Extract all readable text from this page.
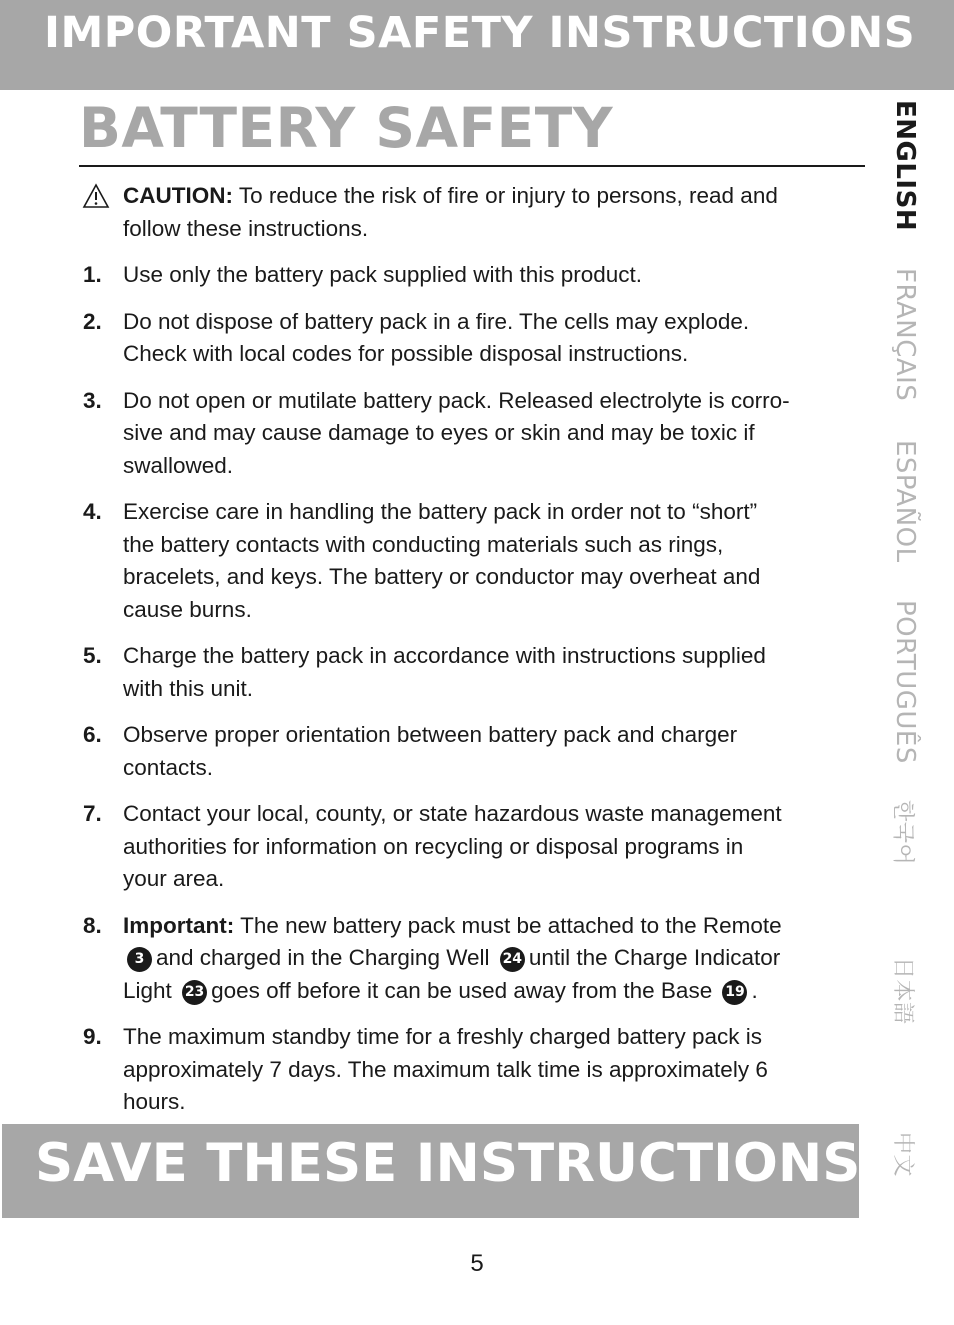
IMPORTANT SAFETY INSTRUCTIONS
BATTERY SAFETY

CAUTION: To reduce the risk of fire or injury to persons, read and follow these instructions.

1. Use only the battery pack supplied with this product.
2. Do not dispose of battery pack in a fire. The cells may explode. Check with local codes for possible disposal instructions.
3. Do not open or mutilate battery pack. Released electrolyte is corro-sive and may cause damage to eyes or skin and may be toxic if swallowed.
4. Exercise care in handling the battery pack in order not to “short” the battery contacts with conducting materials such as rings, bracelets, and keys. The battery or conductor may overheat and cause burns.
5. Charge the battery pack in accordance with instructions supplied with this unit.
6. Observe proper orientation between battery pack and charger contacts.
7. Contact your local, county, or state hazardous waste management authorities for information on recycling or disposal programs in your area.
8. Important: The new battery pack must be attached to the Remote 3 and charged in the Charging Well 24 until the Charge Indicator Light 23 goes off before it can be used away from the Base 19 .
9. The maximum standby time for a freshly charged battery pack is approximately 7 days. The maximum talk time is approximately 6 hours.
ENGLISH
FRANÇAIS
ESPAÑOL
PORTUGUÊS
한국어
日本語
中文
SAVE THESE INSTRUCTIONS
5
